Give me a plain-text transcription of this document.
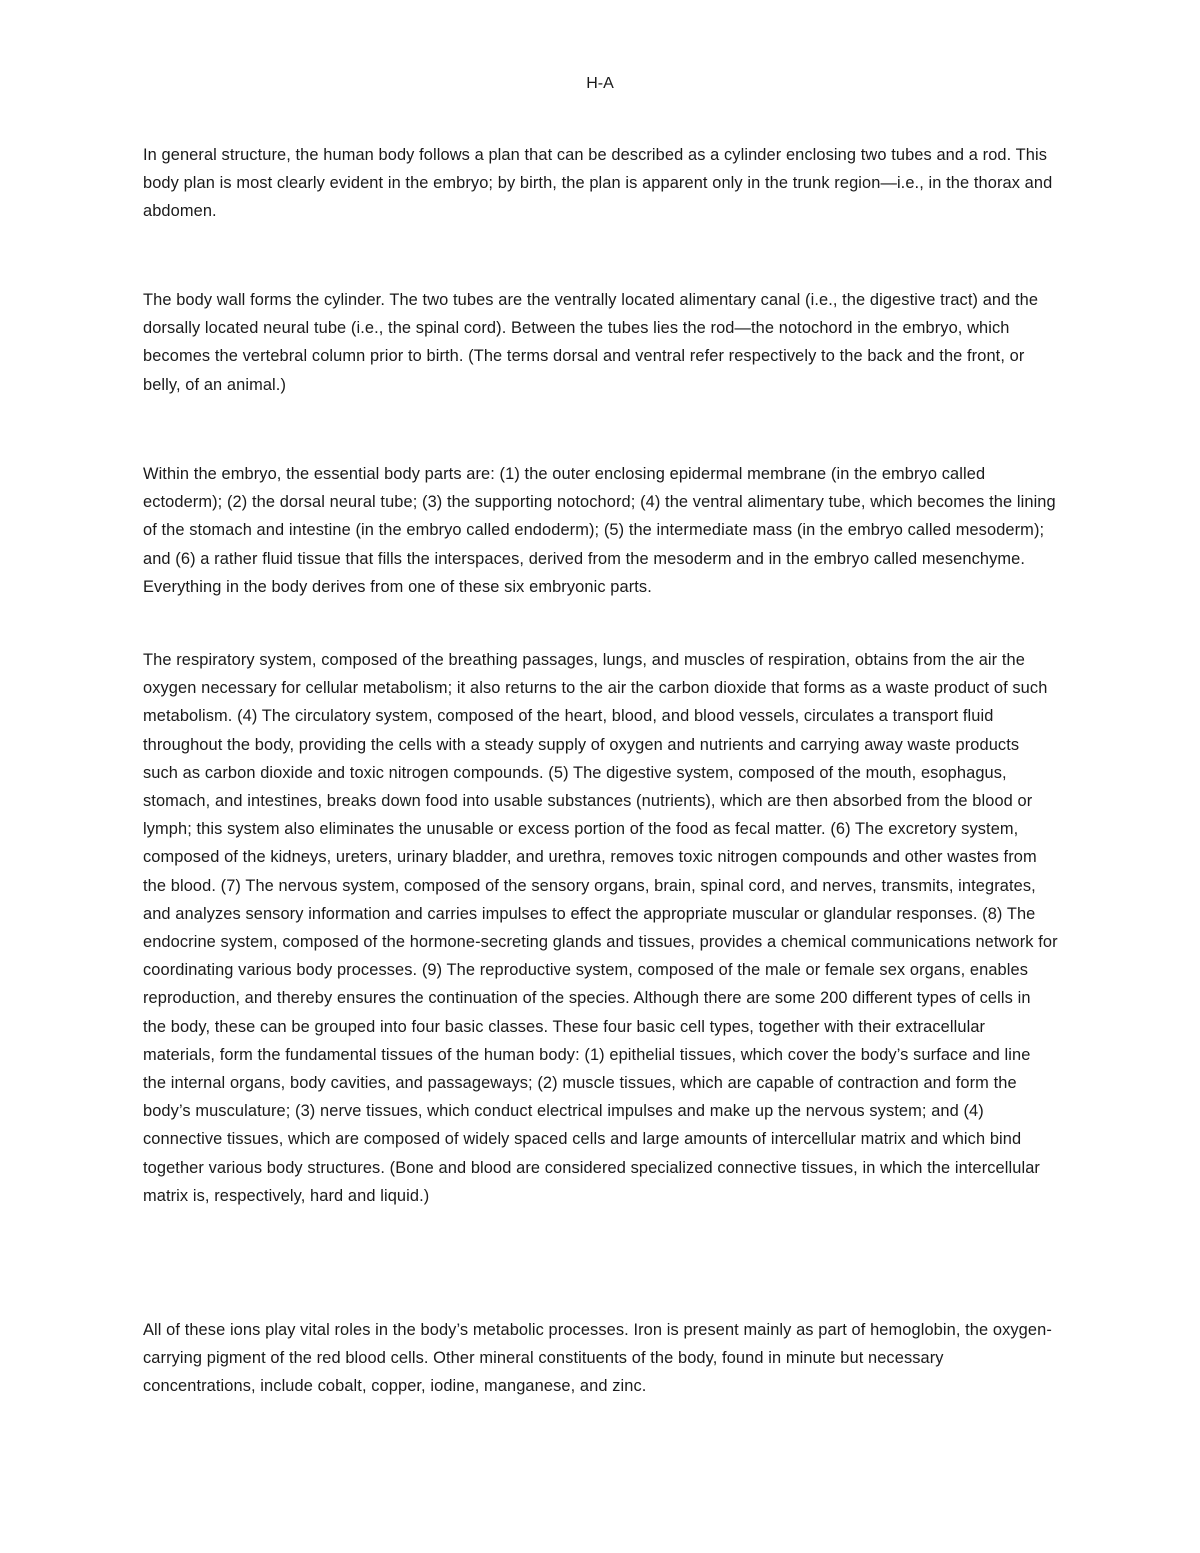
H-A

In general structure, the human body follows a plan that can be described as a cylinder enclosing two tubes and a rod. This body plan is most clearly evident in the embryo; by birth, the plan is apparent only in the trunk region—i.e., in the thorax and abdomen.

The body wall forms the cylinder. The two tubes are the ventrally located alimentary canal (i.e., the digestive tract) and the dorsally located neural tube (i.e., the spinal cord). Between the tubes lies the rod—the notochord in the embryo, which becomes the vertebral column prior to birth. (The terms dorsal and ventral refer respectively to the back and the front, or belly, of an animal.)

Within the embryo, the essential body parts are: (1) the outer enclosing epidermal membrane (in the embryo called ectoderm); (2) the dorsal neural tube; (3) the supporting notochord; (4) the ventral alimentary tube, which becomes the lining of the stomach and intestine (in the embryo called endoderm); (5) the intermediate mass (in the embryo called mesoderm); and (6) a rather fluid tissue that fills the interspaces, derived from the mesoderm and in the embryo called mesenchyme. Everything in the body derives from one of these six embryonic parts.

The respiratory system, composed of the breathing passages, lungs, and muscles of respiration, obtains from the air the oxygen necessary for cellular metabolism; it also returns to the air the carbon dioxide that forms as a waste product of such metabolism. (4) The circulatory system, composed of the heart, blood, and blood vessels, circulates a transport fluid throughout the body, providing the cells with a steady supply of oxygen and nutrients and carrying away waste products such as carbon dioxide and toxic nitrogen compounds. (5) The digestive system, composed of the mouth, esophagus, stomach, and intestines, breaks down food into usable substances (nutrients), which are then absorbed from the blood or lymph; this system also eliminates the unusable or excess portion of the food as fecal matter. (6) The excretory system, composed of the kidneys, ureters, urinary bladder, and urethra, removes toxic nitrogen compounds and other wastes from the blood. (7) The nervous system, composed of the sensory organs, brain, spinal cord, and nerves, transmits, integrates, and analyzes sensory information and carries impulses to effect the appropriate muscular or glandular responses. (8) The endocrine system, composed of the hormone-secreting glands and tissues, provides a chemical communications network for coordinating various body processes. (9) The reproductive system, composed of the male or female sex organs, enables reproduction, and thereby ensures the continuation of the species. Although there are some 200 different types of cells in the body, these can be grouped into four basic classes. These four basic cell types, together with their extracellular materials, form the fundamental tissues of the human body: (1) epithelial tissues, which cover the body’s surface and line the internal organs, body cavities, and passageways; (2) muscle tissues, which are capable of contraction and form the body’s musculature; (3) nerve tissues, which conduct electrical impulses and make up the nervous system; and (4) connective tissues, which are composed of widely spaced cells and large amounts of intercellular matrix and which bind together various body structures. (Bone and blood are considered specialized connective tissues, in which the intercellular matrix is, respectively, hard and liquid.)

All of these ions play vital roles in the body’s metabolic processes. Iron is present mainly as part of hemoglobin, the oxygen-carrying pigment of the red blood cells. Other mineral constituents of the body, found in minute but necessary concentrations, include cobalt, copper, iodine, manganese, and zinc.
